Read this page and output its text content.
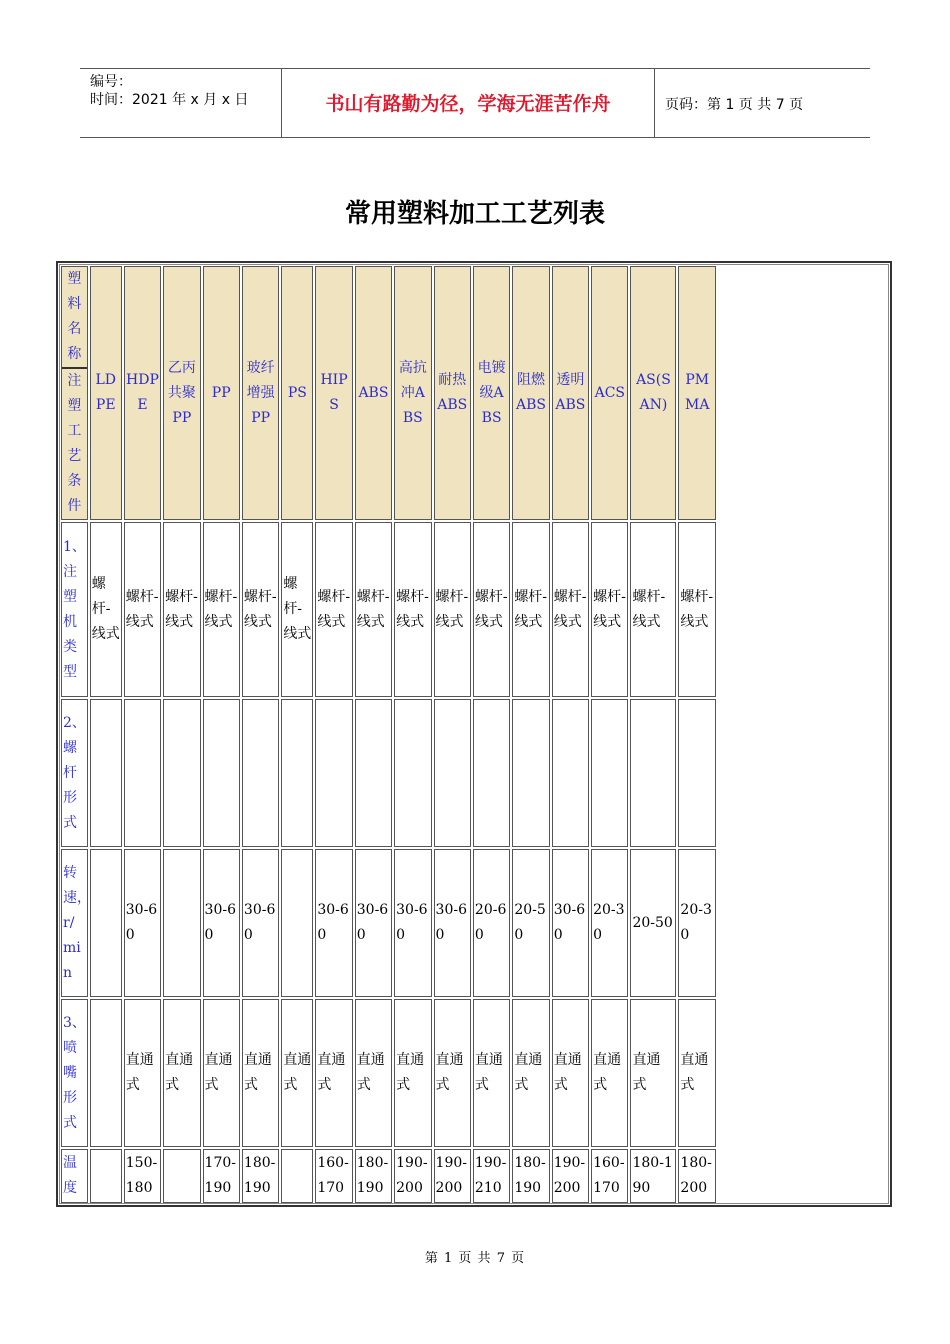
编号：
时间：2021 年 x 月 x 日	书山有路勤为径，学海无涯苦作舟	页码：第 1 页 共 7 页
常用塑料加工工艺列表
塑料名称
注塑工艺条件	LDPE	HDPE	乙丙共聚PP	PP	玻纤增强PP	PS	HIPS	ABS	高抗冲ABS	耐热ABS	电镀级ABS	阻燃ABS	透明ABS	ACS	AS(SAN)	PMMA
1、注塑机类型	螺杆-线式	螺杆-线式	螺杆-线式	螺杆-线式	螺杆-线式	螺杆-线式	螺杆-线式	螺杆-线式	螺杆-线式	螺杆-线式	螺杆-线式	螺杆-线式	螺杆-线式	螺杆-线式	螺杆-线式	螺杆-线式
2、螺杆形式																
转速，r/min		30-60		30-60	30-60		30-60	30-60	30-60	30-60	20-60	20-50	30-60	20-30	20-50	20-30
3、喷嘴形式		直通式	直通式	直通式	直通式	直通式	直通式	直通式	直通式	直通式	直通式	直通式	直通式	直通式	直通式	直通式
温度		150-180		170-190	180-190		160-170	180-190	190-200	190-200	190-210	180-190	190-200	160-170	180-190	180-200
第 1 页 共 7 页
